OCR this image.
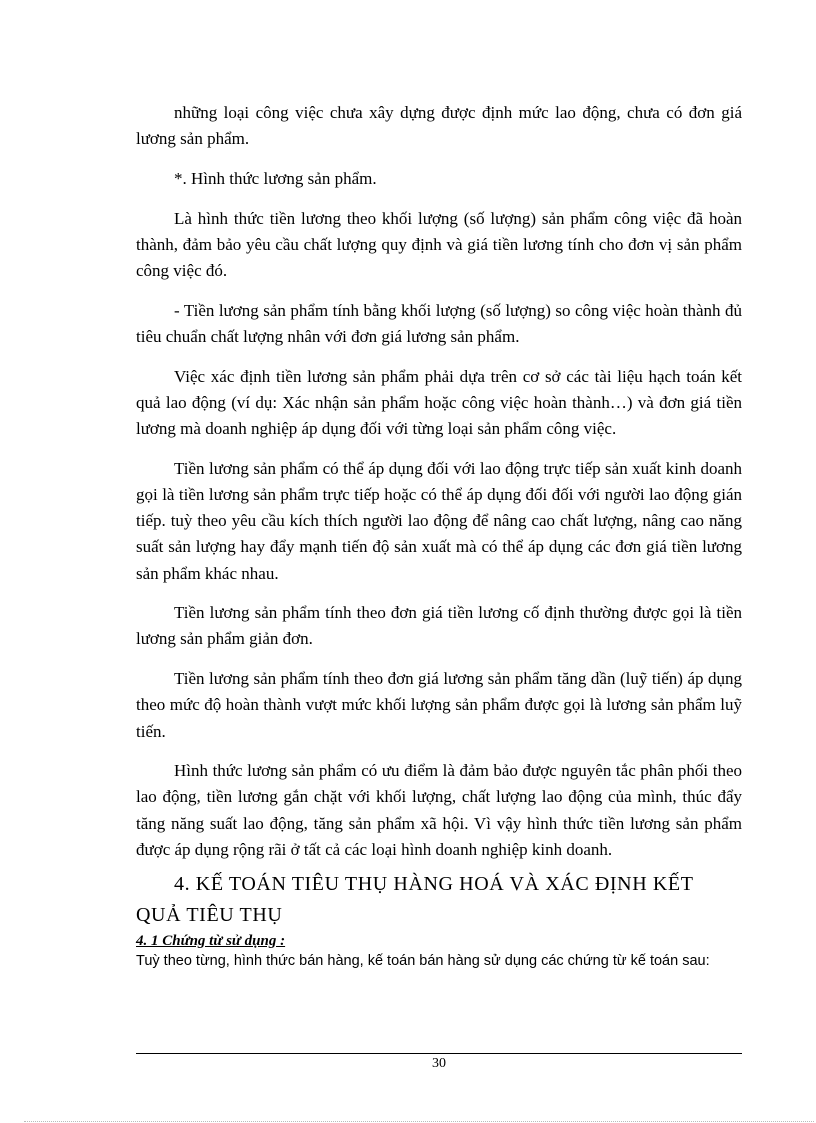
những loại công việc chưa xây dựng được định mức lao động, chưa có đơn giá lương sản phẩm.

*. Hình thức lương sản phẩm.

Là hình thức tiền lương theo khối lượng (số lượng) sản phẩm công việc đã hoàn thành, đảm bảo yêu cầu chất lượng quy định và giá tiền lương tính cho đơn vị sản phẩm công việc đó.

- Tiền lương sản phẩm tính bằng khối lượng (số lượng) so công việc hoàn thành đủ tiêu chuẩn chất lượng nhân với đơn giá lương sản phẩm.

Việc xác định tiền lương sản phẩm phải dựa trên cơ sở các tài liệu hạch toán kết quả lao động (ví dụ: Xác nhận sản phẩm hoặc công việc hoàn thành…) và đơn giá tiền lương mà doanh nghiệp áp dụng đối với từng loại sản phẩm công việc.

Tiền lương sản phẩm có thể áp dụng đối với lao động trực tiếp sản xuất kinh doanh gọi là tiền lương sản phẩm trực tiếp hoặc có thể áp dụng đối đối với người lao động gián tiếp. tuỳ theo yêu cầu kích thích người lao động để nâng cao chất lượng, nâng cao năng suất sản lượng hay đẩy mạnh tiến độ sản xuất mà có thể áp dụng các đơn giá tiền lương sản phẩm khác nhau.

Tiền lương sản phẩm tính theo đơn giá tiền lương cố định thường được gọi là tiền lương sản phẩm giản đơn.

Tiền lương sản phẩm tính theo đơn giá lương sản phẩm tăng dần (luỹ tiến) áp dụng theo mức độ hoàn thành vượt mức khối lượng sản phẩm được gọi là lương sản phẩm luỹ tiến.

Hình thức lương sản phẩm có ưu điểm là đảm bảo được nguyên tắc phân phối theo lao động, tiền lương gắn chặt với khối lượng, chất lượng lao động của mình, thúc đẩy tăng năng suất lao động, tăng sản phẩm xã hội. Vì vậy hình thức tiền lương sản phẩm được áp dụng rộng rãi ở tất cả các loại hình doanh nghiệp kinh doanh.

4. KẾ TOÁN TIÊU THỤ HÀNG HOÁ VÀ XÁC ĐỊNH KẾT QUẢ TIÊU THỤ
4. 1 Chứng từ sử dụng :

Tuỳ theo từng, hình thức bán hàng, kế toán bán hàng sử dụng các chứng từ kế toán sau:

30
